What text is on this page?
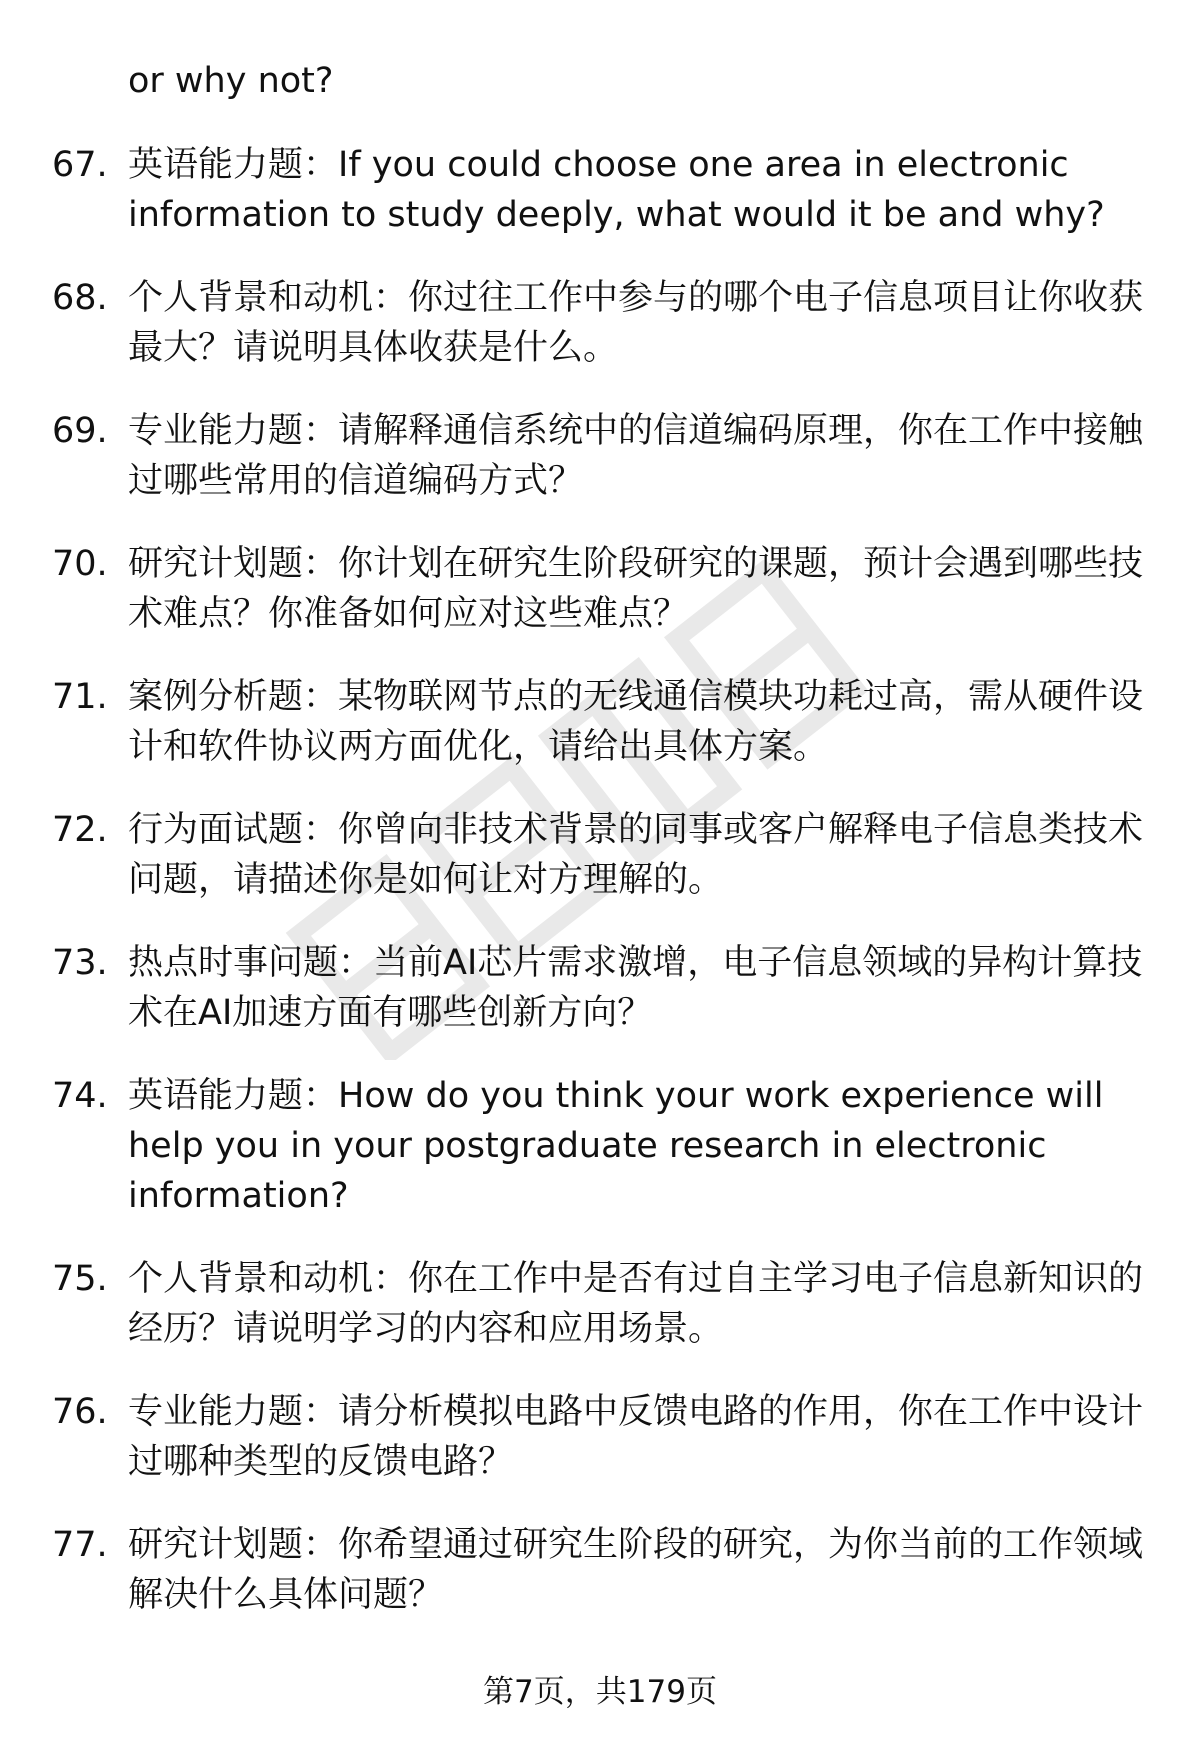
or why not?
67. 英语能力题：If you could choose one area in electronic information to study deeply, what would it be and why?
68. 个人背景和动机：你过往工作中参与的哪个电子信息项目让你收获最大？请说明具体收获是什么。
69. 专业能力题：请解释通信系统中的信道编码原理，你在工作中接触过哪些常用的信道编码方式？
70. 研究计划题：你计划在研究生阶段研究的课题，预计会遇到哪些技术难点？你准备如何应对这些难点？
71. 案例分析题：某物联网节点的无线通信模块功耗过高，需从硬件设计和软件协议两方面优化，请给出具体方案。
72. 行为面试题：你曾向非技术背景的同事或客户解释电子信息类技术问题，请描述你是如何让对方理解的。
73. 热点时事问题：当前AI芯片需求激增，电子信息领域的异构计算技术在AI加速方面有哪些创新方向？
74. 英语能力题：How do you think your work experience will help you in your postgraduate research in electronic information?
75. 个人背景和动机：你在工作中是否有过自主学习电子信息新知识的经历？请说明学习的内容和应用场景。
76. 专业能力题：请分析模拟电路中反馈电路的作用，你在工作中设计过哪种类型的反馈电路？
77. 研究计划题：你希望通过研究生阶段的研究，为你当前的工作领域解决什么具体问题？
第7页，共179页
